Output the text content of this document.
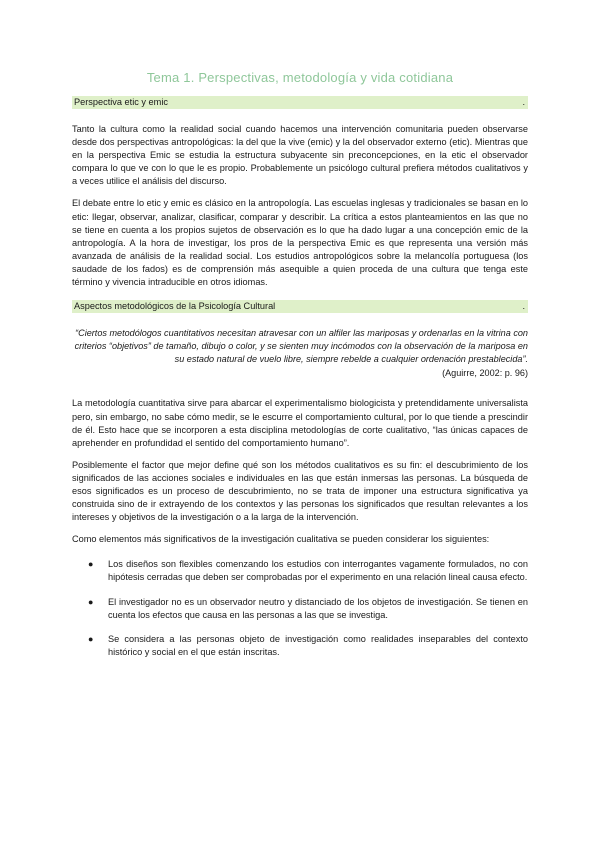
Tema 1. Perspectivas, metodología y vida cotidiana
Perspectiva etic y emic	.

Tanto la cultura como la realidad social cuando hacemos una intervención comunitaria pueden observarse desde dos perspectivas antropológicas: la del que la vive (emic) y la del observador externo (etic). Mientras que en la perspectiva Emic se estudia la estructura subyacente sin preconcepciones, en la etic el observador compara lo que ve con lo que le es propio. Probablemente un psicólogo cultural prefiera métodos cualitativos y a veces utilice el análisis del discurso.

El debate entre lo etic y emic es clásico en la antropología. Las escuelas inglesas y tradicionales se basan en lo etic: llegar, observar, analizar, clasificar, comparar y describir. La crítica a estos planteamientos en las que no se tiene en cuenta a los propios sujetos de observación es lo que ha dado lugar a una concepción emic de la antropología. A la hora de investigar, los pros de la perspectiva Emic es que representa una versión más avanzada de análisis de la realidad social. Los estudios antropológicos sobre la melancolía portuguesa (los saudade de los fados) es de comprensión más asequible a quien proceda de una cultura que tenga este término y vivencia intraducible en otros idiomas.

Aspectos metodológicos de la Psicología Cultural	.
“Ciertos metodólogos cuantitativos necesitan atravesar con un alfiler las mariposas y ordenarlas en la vitrina con criterios “objetivos” de tamaño, dibujo o color, y se sienten muy incómodos con la observación de la mariposa en su estado natural de vuelo libre, siempre rebelde a cualquier ordenación prestablecida”.
(Aguirre, 2002: p. 96)

La metodología cuantitativa sirve para abarcar el experimentalismo biologicista y pretendidamente universalista pero, sin embargo, no sabe cómo medir, se le escurre el comportamiento cultural, por lo que tiende a prescindir de él. Esto hace que se incorporen a esta disciplina metodologías de corte cualitativo, “las únicas capaces de aprehender en profundidad el sentido del comportamiento humano”.

Posiblemente el factor que mejor define qué son los métodos cualitativos es su fin: el descubrimiento de los significados de las acciones sociales e individuales en las que están inmersas las personas. La búsqueda de esos significados es un proceso de descubrimiento, no se trata de imponer una estructura significativa ya construida sino de ir extrayendo de los contextos y las personas los significados que resultan relevantes a los intereses y objetivos de la investigación o a la larga de la intervención.

Como elementos más significativos de la investigación cualitativa se pueden considerar los siguientes:

● Los diseños son flexibles comenzando los estudios con interrogantes vagamente formulados, no con hipótesis cerradas que deben ser comprobadas por el experimento en una relación lineal causa efecto.
● El investigador no es un observador neutro y distanciado de los objetos de investigación. Se tienen en cuenta los efectos que causa en las personas a las que se investiga.
● Se considera a las personas objeto de investigación como realidades inseparables del contexto histórico y social en el que están inscritas.
